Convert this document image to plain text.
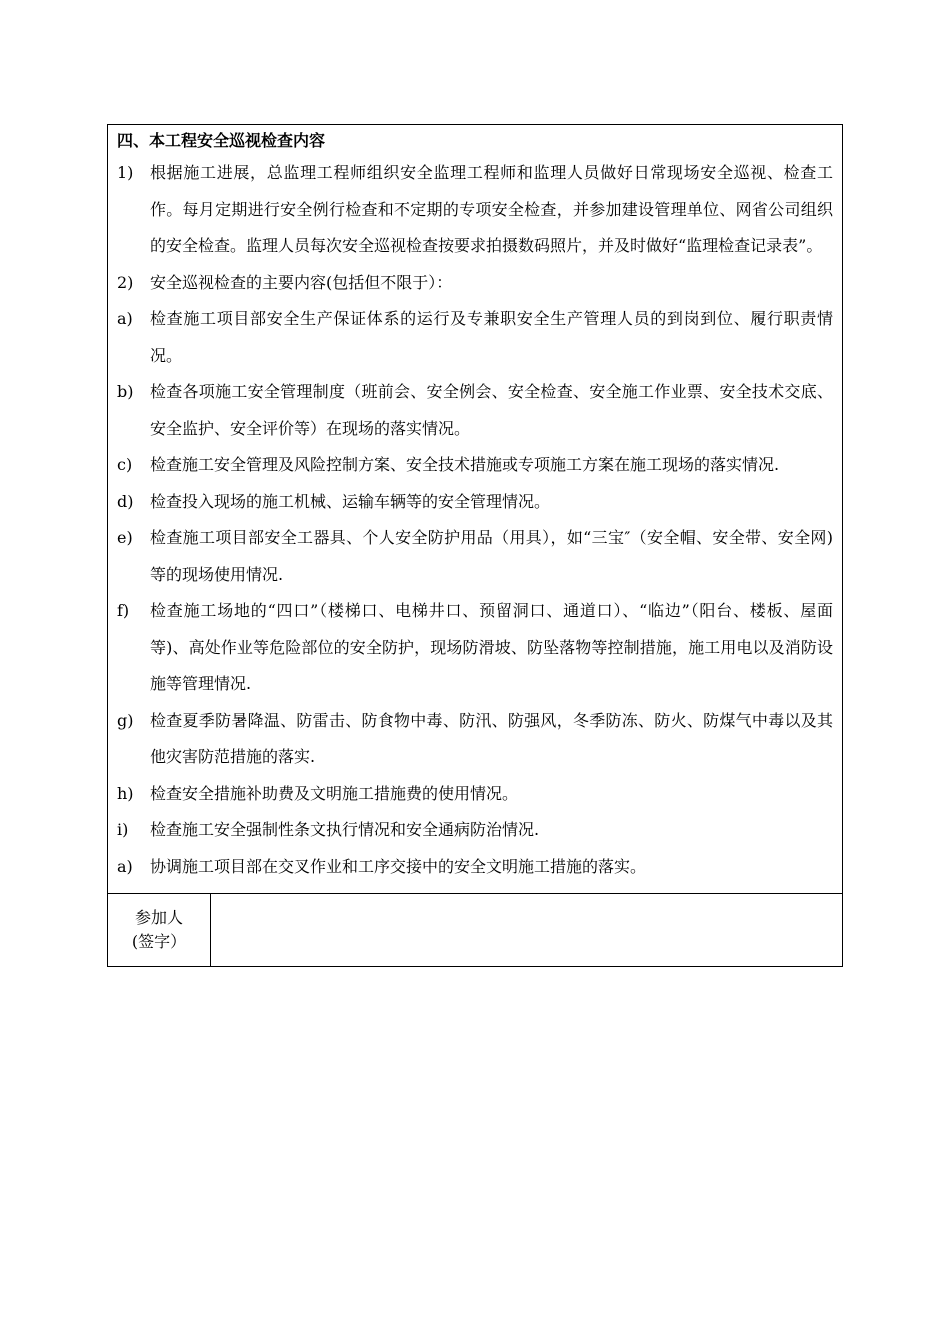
四、本工程安全巡视检查内容
1)	根据施工进展，总监理工程师组织安全监理工程师和监理人员做好日常现场安全巡视、检查工作。每月定期进行安全例行检查和不定期的专项安全检查，并参加建设管理单位、网省公司组织的安全检查。监理人员每次安全巡视检查按要求拍摄数码照片，并及时做好“监理检查记录表”。
2)	安全巡视检查的主要内容(包括但不限于）：
a)	检查施工项目部安全生产保证体系的运行及专兼职安全生产管理人员的到岗到位、履行职责情况。
b)	检查各项施工安全管理制度（班前会、安全例会、安全检查、安全施工作业票、安全技术交底、安全监护、安全评价等）在现场的落实情况。
c)	检查施工安全管理及风险控制方案、安全技术措施或专项施工方案在施工现场的落实情况.
d)	检查投入现场的施工机械、运输车辆等的安全管理情况。
e)	检查施工项目部安全工器具、个人安全防护用品（用具），如“三宝″（安全帽、安全带、安全网)等的现场使用情况.
f)	检查施工场地的“四口”（楼梯口、电梯井口、预留洞口、通道口）、“临边”（阳台、楼板、屋面等)、高处作业等危险部位的安全防护，现场防滑坡、防坠落物等控制措施，施工用电以及消防设施等管理情况.
g)	检查夏季防暑降温、防雷击、防食物中毒、防汛、防强风，冬季防冻、防火、防煤气中毒以及其他灾害防范措施的落实.
h)	检查安全措施补助费及文明施工措施费的使用情况。
i)	检查施工安全强制性条文执行情况和安全通病防治情况.
a)	协调施工项目部在交叉作业和工序交接中的安全文明施工措施的落实。
参加人
(签字）
